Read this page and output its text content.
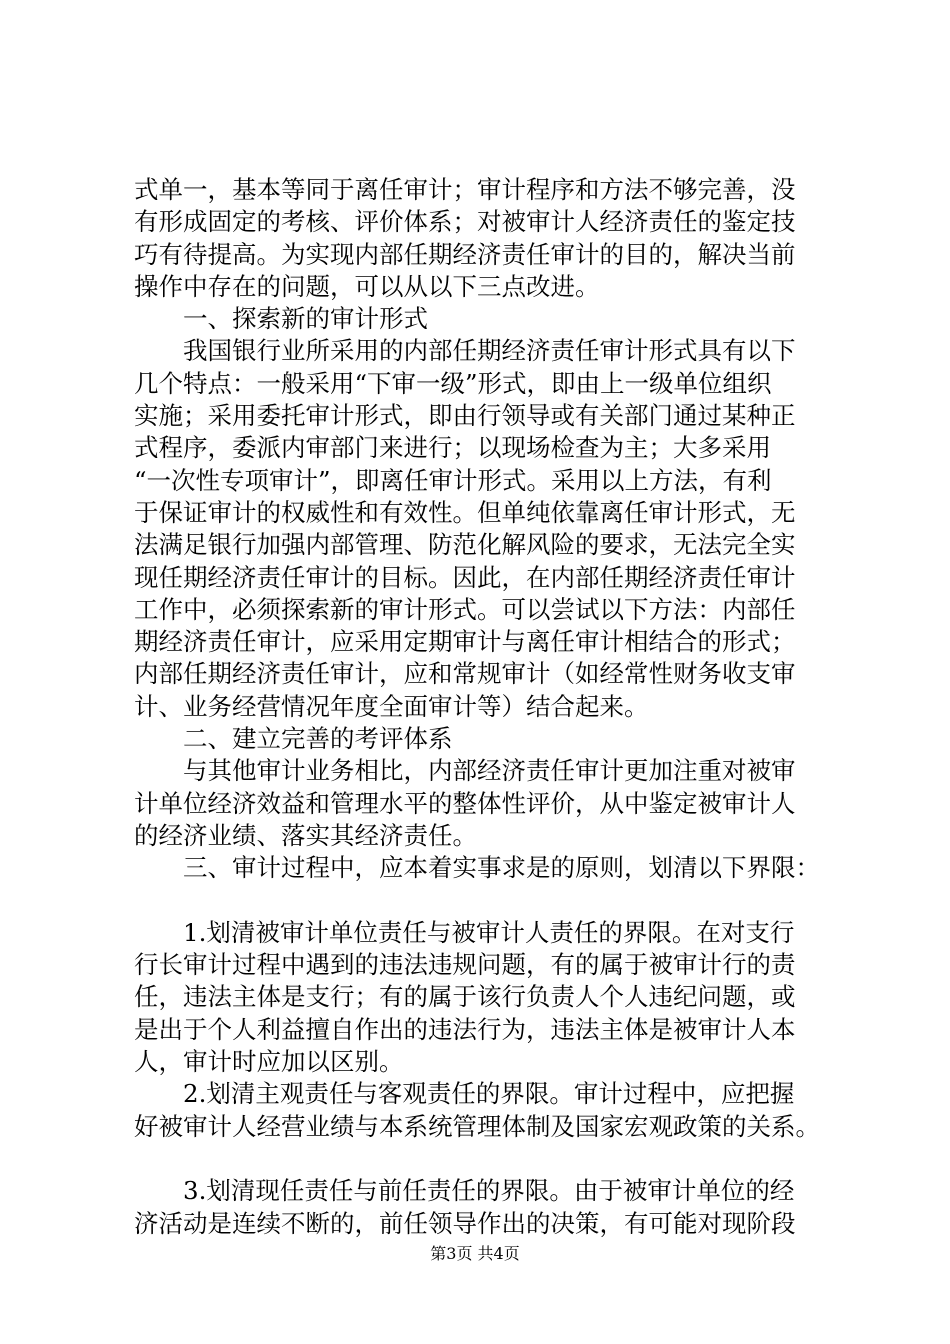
式单一，基本等同于离任审计；审计程序和方法不够完善，没
有形成固定的考核、评价体系；对被审计人经济责任的鉴定技
巧有待提高。为实现内部任期经济责任审计的目的，解决当前
操作中存在的问题，可以从以下三点改进。
一、探索新的审计形式
我国银行业所采用的内部任期经济责任审计形式具有以下
几个特点：一般采用“下审一级”形式，即由上一级单位组织
实施；采用委托审计形式，即由行领导或有关部门通过某种正
式程序，委派内审部门来进行；以现场检查为主；大多采用
“一次性专项审计”，即离任审计形式。采用以上方法，有利
于保证审计的权威性和有效性。但单纯依靠离任审计形式，无
法满足银行加强内部管理、防范化解风险的要求，无法完全实
现任期经济责任审计的目标。因此，在内部任期经济责任审计
工作中，必须探索新的审计形式。可以尝试以下方法：内部任
期经济责任审计，应采用定期审计与离任审计相结合的形式；
内部任期经济责任审计，应和常规审计（如经常性财务收支审
计、业务经营情况年度全面审计等）结合起来。
二、建立完善的考评体系
与其他审计业务相比，内部经济责任审计更加注重对被审
计单位经济效益和管理水平的整体性评价，从中鉴定被审计人
的经济业绩、落实其经济责任。
三、审计过程中，应本着实事求是的原则，划清以下界限：
1.划清被审计单位责任与被审计人责任的界限。在对支行
行长审计过程中遇到的违法违规问题，有的属于被审计行的责
任，违法主体是支行；有的属于该行负责人个人违纪问题，或
是出于个人利益擅自作出的违法行为，违法主体是被审计人本
人，审计时应加以区别。
2.划清主观责任与客观责任的界限。审计过程中，应把握
好被审计人经营业绩与本系统管理体制及国家宏观政策的关系。
3.划清现任责任与前任责任的界限。由于被审计单位的经
济活动是连续不断的，前任领导作出的决策，有可能对现阶段
第3页 共4页
